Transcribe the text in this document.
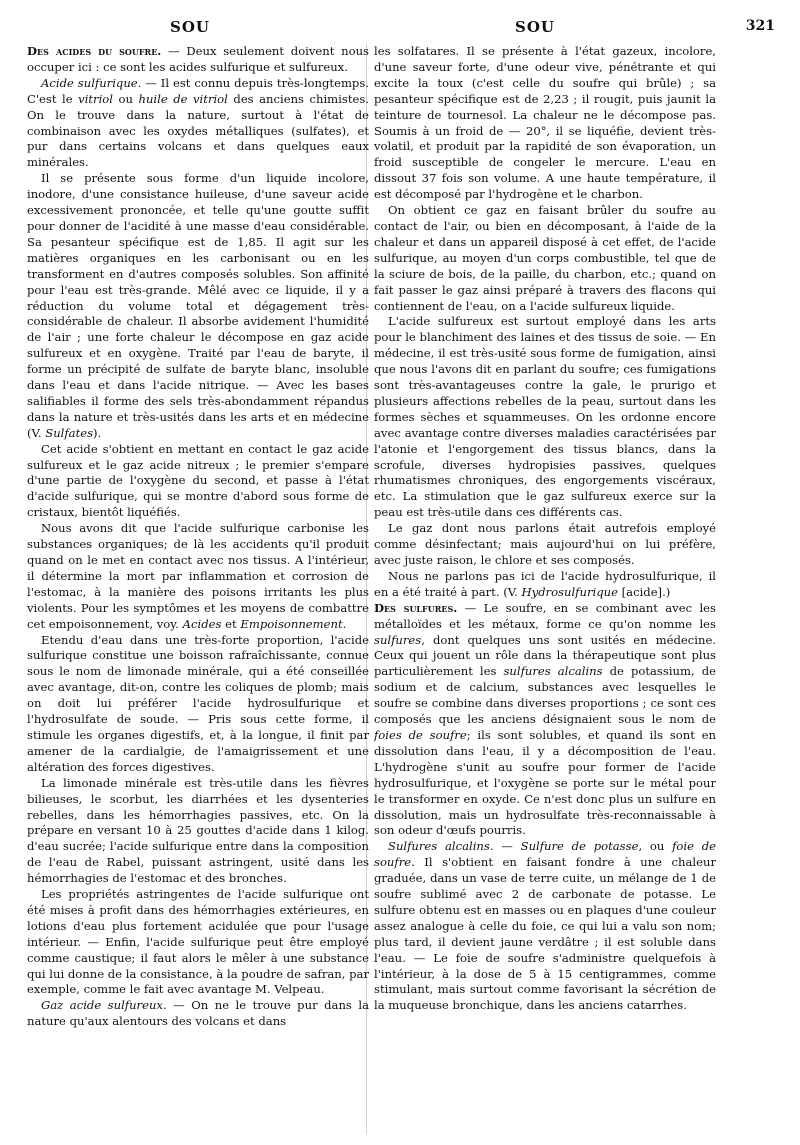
SOU	SOU	321

Des acides du soufre. — Deux seulement doivent nous occuper ici : ce sont les acides sulfurique et sulfureux.

Acide sulfurique. — Il est connu depuis très-longtemps. C'est le vitriol ou huile de vitriol des anciens chimistes. On le trouve dans la nature, surtout à l'état de combinaison avec les oxydes métalliques (sulfates), et pur dans certains volcans et dans quelques eaux minérales.

Il se présente sous forme d'un liquide incolore, inodore, d'une consistance huileuse, d'une saveur acide excessivement prononcée, et telle qu'une goutte suffit pour donner de l'acidité à une masse d'eau considérable. Sa pesanteur spécifique est de 1,85. Il agit sur les matières organiques en les carbonisant ou en les transforment en d'autres composés solubles. Son affinité pour l'eau est très-grande. Mêlé avec ce liquide, il y a réduction du volume total et dégagement très-considérable de chaleur. Il absorbe avidement l'humidité de l'air ; une forte chaleur le décompose en gaz acide sulfureux et en oxygène. Traité par l'eau de baryte, il forme un précipité de sulfate de baryte blanc, insoluble dans l'eau et dans l'acide nitrique. — Avec les bases salifiables il forme des sels très-abondamment répandus dans la nature et très-usités dans les arts et en médecine (V. Sulfates).

Cet acide s'obtient en mettant en contact le gaz acide sulfureux et le gaz acide nitreux ; le premier s'empare d'une partie de l'oxygène du second, et passe à l'état d'acide sulfurique, qui se montre d'abord sous forme de cristaux, bientôt liquéfiés.

Nous avons dit que l'acide sulfurique carbonise les substances organiques; de là les accidents qu'il produit quand on le met en contact avec nos tissus. A l'intérieur, il détermine la mort par inflammation et corrosion de l'estomac, à la manière des poisons irritants les plus violents. Pour les symptômes et les moyens de combattre cet empoisonnement, voy. Acides et Empoisonnement.

Etendu d'eau dans une très-forte proportion, l'acide sulfurique constitue une boisson rafraîchissante, connue sous le nom de limonade minérale, qui a été conseillée avec avantage, dit-on, contre les coliques de plomb; mais on doit lui préférer l'acide hydrosulfurique et l'hydrosulfate de soude. — Pris sous cette forme, il stimule les organes digestifs, et, à la longue, il finit par amener de la cardialgie, de l'amaigrissement et une altération des forces digestives.

La limonade minérale est très-utile dans les fièvres bilieuses, le scorbut, les diarrhées et les dysenteries rebelles, dans les hémorrhagies passives, etc. On la prépare en versant 10 à 25 gouttes d'acide dans 1 kilog. d'eau sucrée; l'acide sulfurique entre dans la composition de l'eau de Rabel, puissant astringent, usité dans les hémorrhagies de l'estomac et des bronches.

Les propriétés astringentes de l'acide sulfurique ont été mises à profit dans des hémorrhagies extérieures, en lotions d'eau plus fortement acidulée que pour l'usage intérieur. — Enfin, l'acide sulfurique peut être employé comme caustique; il faut alors le mêler à une substance qui lui donne de la consistance, à la poudre de safran, par exemple, comme le fait avec avantage M. Velpeau.

Gaz acide sulfureux. — On ne le trouve pur dans la nature qu'aux alentours des volcans et dans

les solfatares. Il se présente à l'état gazeux, incolore, d'une saveur forte, d'une odeur vive, pénétrante et qui excite la toux (c'est celle du soufre qui brûle) ; sa pesanteur spécifique est de 2,23 ; il rougit, puis jaunit la teinture de tournesol. La chaleur ne le décompose pas. Soumis à un froid de — 20°, il se liquéfie, devient très-volatil, et produit par la rapidité de son évaporation, un froid susceptible de congeler le mercure. L'eau en dissout 37 fois son volume. A une haute température, il est décomposé par l'hydrogène et le charbon.

On obtient ce gaz en faisant brûler du soufre au contact de l'air, ou bien en décomposant, à l'aide de la chaleur et dans un appareil disposé à cet effet, de l'acide sulfurique, au moyen d'un corps combustible, tel que de la sciure de bois, de la paille, du charbon, etc.; quand on fait passer le gaz ainsi préparé à travers des flacons qui contiennent de l'eau, on a l'acide sulfureux liquide.

L'acide sulfureux est surtout employé dans les arts pour le blanchiment des laines et des tissus de soie. — En médecine, il est très-usité sous forme de fumigation, ainsi que nous l'avons dit en parlant du soufre; ces fumigations sont très-avantageuses contre la gale, le prurigo et plusieurs affections rebelles de la peau, surtout dans les formes sèches et squammeuses. On les ordonne encore avec avantage contre diverses maladies caractérisées par l'atonie et l'engorgement des tissus blancs, dans la scrofule, diverses hydropisies passives, quelques rhumatismes chroniques, des engorgements viscéraux, etc. La stimulation que le gaz sulfureux exerce sur la peau est très-utile dans ces différents cas.

Le gaz dont nous parlons était autrefois employé comme désinfectant; mais aujourd'hui on lui préfère, avec juste raison, le chlore et ses composés.

Nous ne parlons pas ici de l'acide hydrosulfurique, il en a été traité à part. (V. Hydrosulfurique [acide].)

Des sulfures. — Le soufre, en se combinant avec les métalloïdes et les métaux, forme ce qu'on nomme les sulfures, dont quelques uns sont usités en médecine. Ceux qui jouent un rôle dans la thérapeutique sont plus particulièrement les sulfures alcalins de potassium, de sodium et de calcium, substances avec lesquelles le soufre se combine dans diverses proportions ; ce sont ces composés que les anciens désignaient sous le nom de foies de soufre; ils sont solubles, et quand ils sont en dissolution dans l'eau, il y a décomposition de l'eau. L'hydrogène s'unit au soufre pour former de l'acide hydrosulfurique, et l'oxygène se porte sur le métal pour le transformer en oxyde. Ce n'est donc plus un sulfure en dissolution, mais un hydrosulfate très-reconnaissable à son odeur d'œufs pourris.

Sulfures alcalins. — Sulfure de potasse, ou foie de soufre. Il s'obtient en faisant fondre à une chaleur graduée, dans un vase de terre cuite, un mélange de 1 de soufre sublimé avec 2 de carbonate de potasse. Le sulfure obtenu est en masses ou en plaques d'une couleur assez analogue à celle du foie, ce qui lui a valu son nom; plus tard, il devient jaune verdâtre ; il est soluble dans l'eau. — Le foie de soufre s'administre quelquefois à l'intérieur, à la dose de 5 à 15 centigrammes, comme stimulant, mais surtout comme favorisant la sécrétion de la muqueuse bronchique, dans les anciens catarrhes.
